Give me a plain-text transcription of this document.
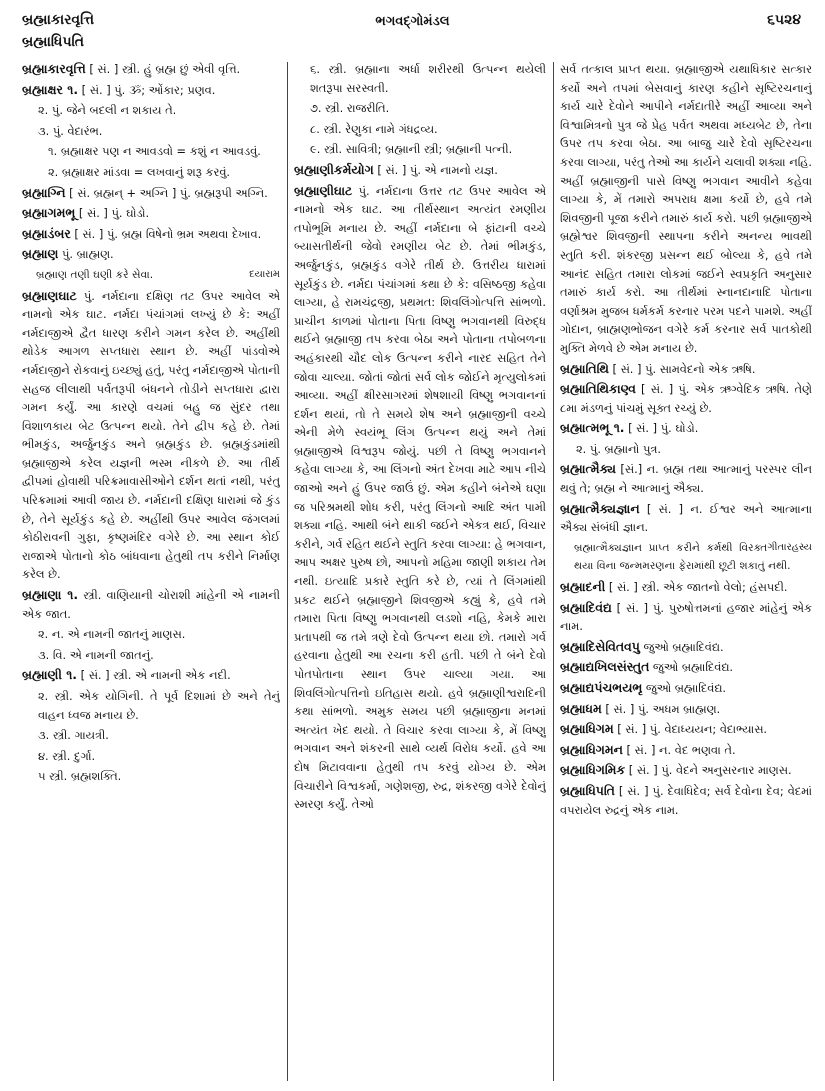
બ્રહ્માકારવૃત્તિ
બ્રહ્માધિપતિ
ભગવદ્ગોમંડલ	૬૫૨૪

બ્રહ્માકારવૃત્તિ [ સં. ] સ્ત્રી. હું બ્રહ્મ છું એવી વૃત્તિ.

બ્રહ્માક્ષર ૧. [ સં. ] પું. ૐ; ઓંકાર; પ્રણવ.

૨. પું. જેને બદલી ન શકાય તે.

૩. પું. વેદારંભ.

૧. બ્રહ્માક્ષર પણ ન આવડવો = કશું ન આવડવું.

૨. બ્રહ્માક્ષર માંડવા = લખવાનું શરૂ કરવું.

બ્રહ્માગ્નિ [ સં. બ્રહ્મન્ + અગ્નિ ] પું. બ્રહ્મરૂપી અગ્નિ.

બ્રહ્માગમભૂ [ સં. ] પું. ઘોડો.

બ્રહ્માડંબર [ સં. ] પું. બ્રહ્મ વિષેનો ભ્રમ અથવા દેખાવ.

બ્રહ્માણ પું. બ્રાહ્મણ.

દયારામ
બ્રહ્માણ તણી ઘણી કરે સેવા.

બ્રહ્માણઘાટ પું. નર્મદાના દક્ષિણ તટ ઉપર આવેલ એ નામનો એક ઘાટ. નર્મદા પંચાંગમાં લખ્યું છે કે: અહીં નર્મદાજીએ દ્વૈત ધારણ કરીને ગમન કરેલ છે. અહીંથી થોડેક આગળ સપ્તધારા સ્થાન છે. અહીં પાંડવોએ નર્મદાજીને રોકવાનું ઇચ્છ્યું હતું, પરંતુ નર્મદાજીએ પોતાની સહજ લીલાથી પર્વતરૂપી બંધનને તોડીને સપ્તધારા દ્વારા ગમન કર્યું. આ કારણે વચમાં બહુ જ સુંદર તથા વિશાળકાય બેટ ઉત્પન્ન થયો. તેને દ્વીપ કહે છે. તેમાં ભીમકુંડ, અર્જુનકુંડ અને બ્રહ્મકુંડ છે. બ્રહ્મકુંડમાંથી બ્રહ્માજીએ કરેલ યજ્ઞની ભસ્મ નીકળે છે. આ તીર્થ દ્વીપમાં હોવાથી પરિક્રમાવાસીઓને દર્શન થતાં નથી, પરંતુ પરિક્રમામાં આવી જાય છે. નર્મદાની દક્ષિણ ધારામાં જે કુંડ છે, તેને સૂર્યકુંડ કહે છે. અહીંથી ઉપર આવેલ જંગલમાં કોઠીરાવની ગુફા, કૃષ્ણમંદિર વગેરે છે. આ સ્થાન કોઈ રાજાએ પોતાનો કોઠ બાંધવાના હેતુથી તપ કરીને નિર્માણ કરેલ છે.

બ્રહ્માણા ૧. સ્ત્રી. વાણિયાની ચોરાશી માંહેની એ નામની એક જાત.

૨. ન. એ નામની જાતનું માણસ.

૩. વિ. એ નામની જાતનું.

બ્રહ્માણી ૧. [ સં. ] સ્ત્રી. એ નામની એક નદી.

૨. સ્ત્રી. એક યોગિની. તે પૂર્વ દિશામાં છે અને તેનું વાહન ધ્વજ મનાય છે.

૩. સ્ત્રી. ગાયત્રી.

૪. સ્ત્રી. દુર્ગા.

૫ સ્ત્રી. બ્રહ્મશક્તિ.

૬. સ્ત્રી. બ્રહ્માના અર્ધા શરીરથી ઉત્પન્ન થયેલી શતરૂપા સરસ્વતી.

૭. સ્ત્રી. રાજરીતિ.

૮. સ્ત્રી. રેણુકા નામે ગંધદ્રવ્ય.

૯. સ્ત્રી. સાવિત્રી; બ્રહ્માની સ્ત્રી; બ્રહ્માની પત્ની.

બ્રહ્માણીકર્મયોગ [ સં. ] પું. એ નામનો યજ્ઞ.

બ્રહ્માણીઘાટ પું. નર્મદાના ઉત્તર તટ ઉપર આવેલ એ નામનો એક ઘાટ. આ તીર્થસ્થાન અત્યંત રમણીય તપોભૂમિ મનાય છે. અહીં નર્મદાના બે ફાંટાની વચ્ચે બ્યાસતીર્થની જેવો રમણીય બેટ છે. તેમાં ભીમકુંડ, અર્જુનકુંડ, બ્રહ્મકુંડ વગેરે તીર્થ છે. ઉત્તરીય ધારામાં સૂર્યકુંડ છે. નર્મદા પંચાંગમાં કથા છે કે: વસિષ્ઠજી કહેવા લાગ્યા, હે રામચંદ્રજી, પ્રથમત: શિવલિંગોત્પત્તિ સાંભળો. પ્રાચીન કાળમાં પોતાના પિતા વિષ્ણુ ભગવાનથી વિરુદ્ધ થઈને બ્રહ્માજી તપ કરવા બેઠા અને પોતાના તપોબળના અહંકારથી ચૌદ લોક ઉત્પન્ન કરીને નારદ સહિત તેને જોવા ચાલ્યા. જોતાં જોતાં સર્વ લોક જોઈને મૃત્યુલોકમાં આવ્યા. અહીં ક્ષીરસાગરમાં શેષશાયી વિષ્ણુ ભગવાનનાં દર્શન થયાં, તો તે સમયે શેષ અને બ્રહ્માજીની વચ્ચે એની મેળે સ્વયંભૂ લિંગ ઉત્પન્ન થયું અને તેમાં બ્રહ્માજીએ વિશ્વરૂપ જોયું. પછી તે વિષ્ણુ ભગવાનને કહેવા લાગ્યા કે, આ લિંગનો અંત દેખવા માટે આપ નીચે જાઓ અને હું ઉપર જાઉં છું. એમ કહીને બંનેએ ઘણા જ પરિશ્રમથી શોધ કરી, પરંતુ લિંગનો આદિ અંત પામી શક્યા નહિ. આથી બંને થાકી જઈને એકત્ર થઈ, વિચાર કરીને, ગર્વ રહિત થઈને સ્તુતિ કરવા લાગ્યા: હે ભગવાન, આપ અક્ષર પુરુષ છો, આપનો મહિમા જાણી શકાય તેમ નથી. ઇત્યાદિ પ્રકારે સ્તુતિ કરે છે, ત્યાં તે લિંગમાંથી પ્રકટ થઈને બ્રહ્માજીને શિવજીએ કહ્યું કે, હવે તમે તમારા પિતા વિષ્ણુ ભગવાનથી લડશો નહિ, કેમકે મારા પ્રતાપથી જ તમે ત્રણે દેવો ઉત્પન્ન થયા છો. તમારો ગર્વ હરવાના હેતુથી આ રચના કરી હતી. પછી તે બંને દેવો પોતપોતાના સ્થાન ઉપર ચાલ્યા ગયા. આ શિવલિંગોત્પત્તિનો ઇતિહાસ થયો. હવે બ્રહ્માણીશ્વરાદિની કથા સાંભળો. અમુક સમય પછી બ્રહ્માજીના મનમાં અત્યંત ખેદ થયો. તે વિચાર કરવા લાગ્યા કે, મેં વિષ્ણુ ભગવાન અને શંકરની સાથે વ્યર્થ વિરોધ કર્યો. હવે આ દોષ મિટાવવાના હેતુથી તપ કરવું યોગ્ય છે. એમ વિચારીને વિશ્વકર્મા, ગણેશજી, રુદ્ર, શંકરજી વગેરે દેવોનું સ્મરણ કર્યું. તેઓ

સર્વ તત્કાલ પ્રાપ્ત થયા. બ્રહ્માજીએ યથાધિકાર સત્કાર કર્યો અને તપમાં બેસવાનું કારણ કહીને સૃષ્ટિરચનાનું કાર્ય ચારે દેવોને આપીને નર્મદાતીરે અહીં આવ્યા અને વિશ્વામિત્રનો પુત્ર જે પ્રેહ પર્વત અથવા મધ્યબેટ છે, તેના ઉપર તપ કરવા બેઠા. આ બાજુ ચારે દેવો સૃષ્ટિરચના કરવા લાગ્યા, પરંતુ તેઓ આ કાર્યને ચલાવી શક્યા નહિ. અહીં બ્રહ્માજીની પાસે વિષ્ણુ ભગવાન આવીને કહેવા લાગ્યા કે, મેં તમારો અપરાધ ક્ષમા કર્યો છે, હવે તમે શિવજીની પૂજા કરીને તમારું કાર્ય કરો. પછી બ્રહ્માજીએ બ્રહ્મેશ્વર શિવજીની સ્થાપના કરીને અનન્ય ભાવથી સ્તુતિ કરી. શંકરજી પ્રસન્ન થઈ બોલ્યા કે, હવે તમે આનંદ સહિત તમારા લોકમાં જઈને સ્વપ્રકૃતિ અનુસાર તમારું કાર્ય કરો. આ તીર્થમાં સ્નાનદાનાદિ પોતાના વર્ણાશ્રમ મુજબ ધર્મકર્મ કરનાર પરમ પદને પામશે. અહીં ગોદાન, બ્રાહ્મણભોજન વગેરે કર્મ કરનાર સર્વ પાતકોથી મુક્તિ મેળવે છે એમ મનાય છે.

બ્રહ્માતિથિ [ સં. ] પું. સામવેદનો એક ઋષિ.

બ્રહ્માતિથિકાણ્વ [ સં. ] પું. એક ઋગ્વેદિક ઋષિ. તેણે ૮મા મંડળનું પાંચમું સૂક્ત રચ્યું છે.

બ્રહ્માત્મભૂ ૧. [ સં. ] પું. ઘોડો.

૨. પું. બ્રહ્માનો પુત્ર.

બ્રહ્માત્મૈક્ય [સં.] ન. બ્રહ્મ તથા આત્માનું પરસ્પર લીન થવું તે; બ્રહ્મ ને આત્માનું ઐક્ય.

બ્રહ્માત્મૈક્યજ્ઞાન [ સં. ] ન. ઈશ્વર અને આત્માના ઐક્ય સંબંધી જ્ઞાન.

ગીતારહસ્ય
બ્રહ્માત્મૈક્યજ્ઞાન પ્રાપ્ત કરીને કર્મથી વિરક્ત થયા વિના જન્મમરણના ફેરામાંથી છૂટી શકાતું નથી.

બ્રહ્માદની [ સં. ] સ્ત્રી. એક જાતનો વેલો; હંસપદી.

બ્રહ્માદિવંદ્ય [ સં. ] પું. પુરુષોત્તમનાં હજાર માંહેનું એક નામ.

બ્રહ્માદિસેવિતવપુ જુઓ બ્રહ્માદિવંદ્ય.

બ્રહ્માદ્યખિલસંસ્તુત જુઓ બ્રહ્માદિવંદ્ય.

બ્રહ્માદ્યપંચભયભૃ જુઓ બ્રહ્માદિવંદ્ય.

બ્રહ્માધમ [ સં. ] પું. અધમ બ્રાહ્મણ.

બ્રહ્માધિગમ [ સં. ] પું. વેદાધ્યયન; વેદાભ્યાસ.

બ્રહ્માધિગમન [ સં. ] ન. વેદ ભણવા તે.

બ્રહ્માધિગમિક [ સં. ] પું. વેદને અનુસરનાર માણસ.

બ્રહ્માધિપતિ [ સં. ] પું. દેવાધિદેવ; સર્વ દેવોના દેવ; વેદમાં વપરાયેલ રુદ્રનું એક નામ.
